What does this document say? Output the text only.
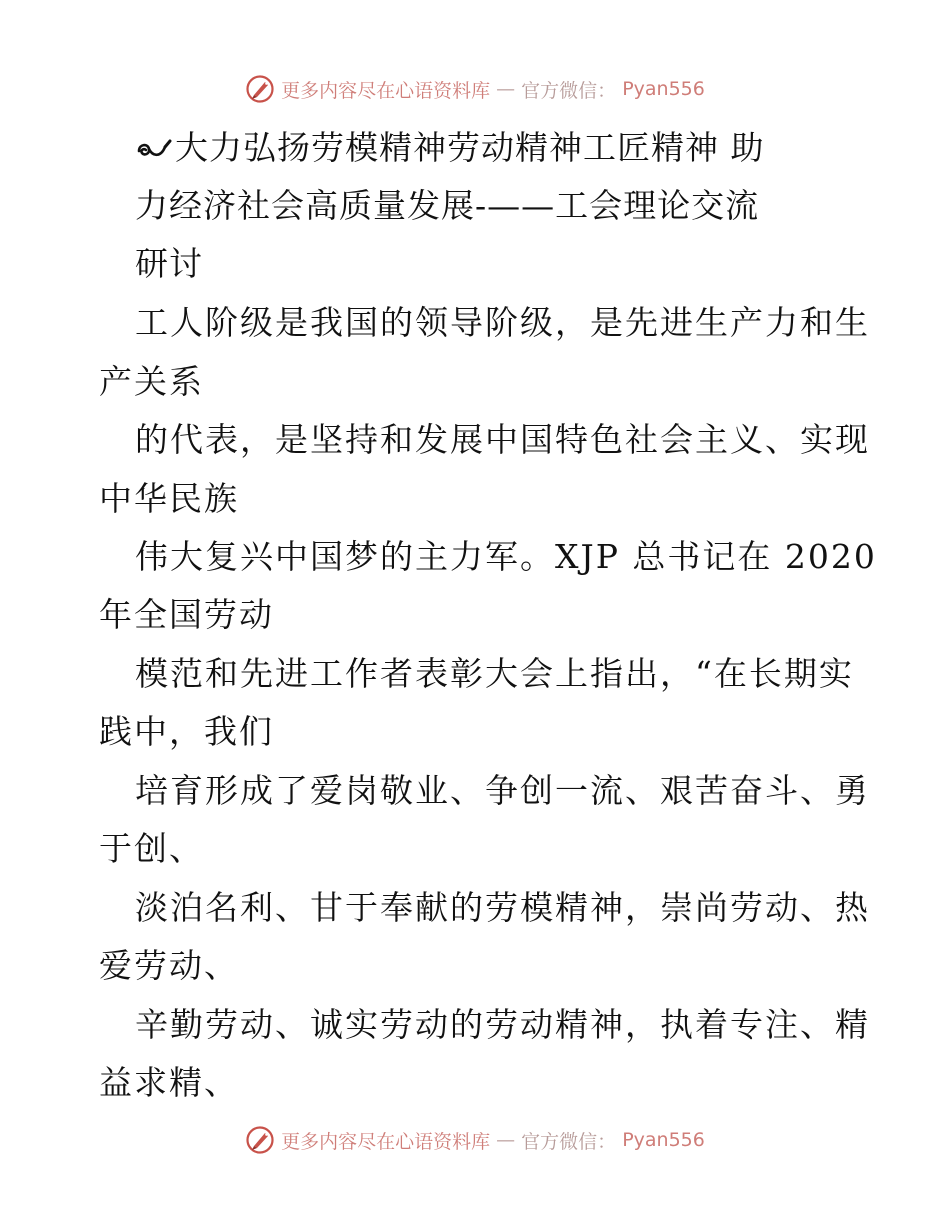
更多内容尽在心语资料库 — 官方微信： Pyan556
大力弘扬劳模精神劳动精神工匠精神 助
力经济社会高质量发展-——工会理论交流
研讨
工人阶级是我国的领导阶级，是先进生产力和生
产关系
的代表，是坚持和发展中国特色社会主义、实现
中华民族
伟大复兴中国梦的主力军。XJP 总书记在 2020
年全国劳动
模范和先进工作者表彰大会上指出，“在长期实
践中，我们
培育形成了爱岗敬业、争创一流、艰苦奋斗、勇
于创、
淡泊名利、甘于奉献的劳模精神，崇尚劳动、热
爱劳动、
辛勤劳动、诚实劳动的劳动精神，执着专注、精
益求精、
更多内容尽在心语资料库 — 官方微信： Pyan556
